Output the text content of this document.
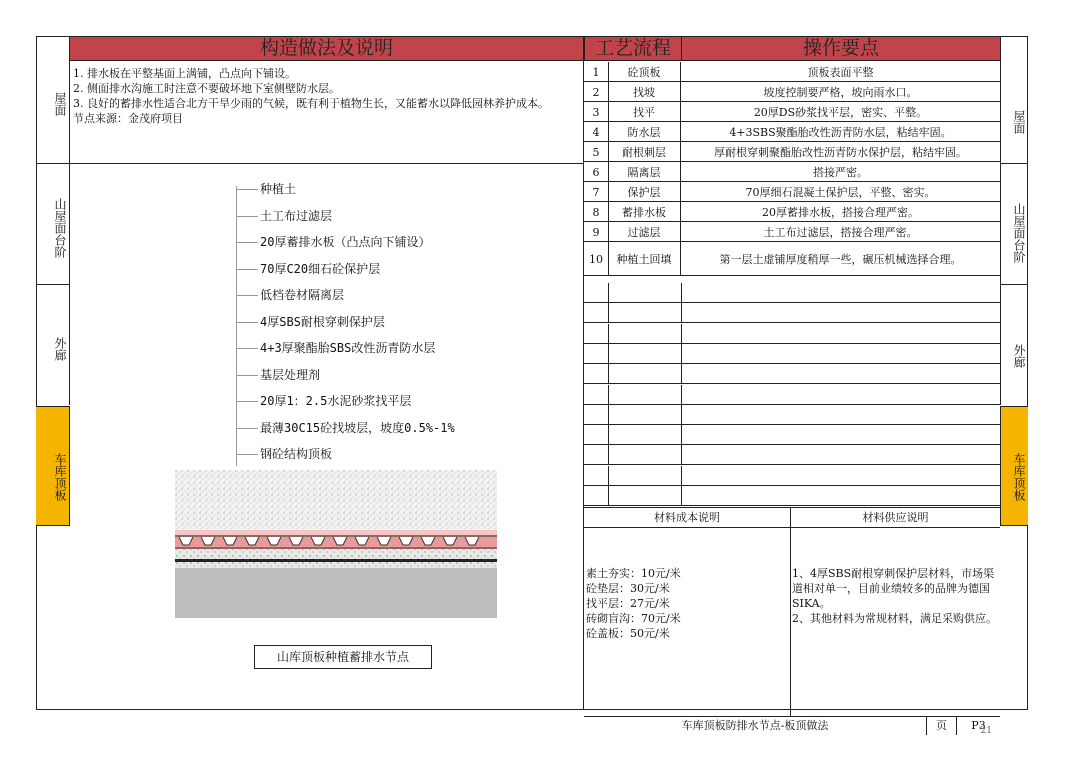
屋面
山屋面台阶
外廊
车库顶板
屋面
山屋面台阶
外廊
车库顶板
构造做法及说明	工艺流程	操作要点
1. 排水板在平整基面上满铺，凸点向下铺设。
2. 侧面排水沟施工时注意不要破坏地下室侧壁防水层。
3. 良好的蓄排水性适合北方干旱少雨的气候，既有利于植物生长，又能蓄水以降低园林养护成本。
节点来源：金茂府项目
1	砼顶板	顶板表面平整
2	找坡	坡度控制要严格，坡向雨水口。
3	找平	20厚DS砂浆找平层，密实、平整。
4	防水层	4+3SBS聚酯胎改性沥青防水层，粘结牢固。
5	耐根刺层	厚耐根穿刺聚酯胎改性沥青防水保护层，粘结牢固。
6	隔离层	搭接严密。
7	保护层	70厚细石混凝土保护层，平整、密实。
8	蓄排水板	20厚蓄排水板，搭接合理严密。
9	过滤层	土工布过滤层，搭接合理严密。
10	种植土回填	第一层土虚铺厚度稍厚一些，碾压机械选择合理。
种植土
土工布过滤层
20厚蓄排水板（凸点向下铺设）
70厚C20细石砼保护层
低档卷材隔离层
4厚SBS耐根穿刺保护层
4+3厚聚酯胎SBS改性沥青防水层
基层处理剂
20厚1：2.5水泥砂浆找平层
最薄30C15砼找坡层，坡度0.5%-1%
钢砼结构顶板
山库顶板种植蓄排水节点
材料成本说明	材料供应说明
素土夯实：10元/米
砼垫层：30元/米
找平层：27元/米
砖砌盲沟：70元/米
砼盖板：50元/米
1、4厚SBS耐根穿刺保护层材料，市场渠道相对单一，目前业绩较多的品牌为德国SIKA。
2、其他材料为常规材料，满足采购供应。
车库顶板防排水节点-板顶做法	页	P3
21
